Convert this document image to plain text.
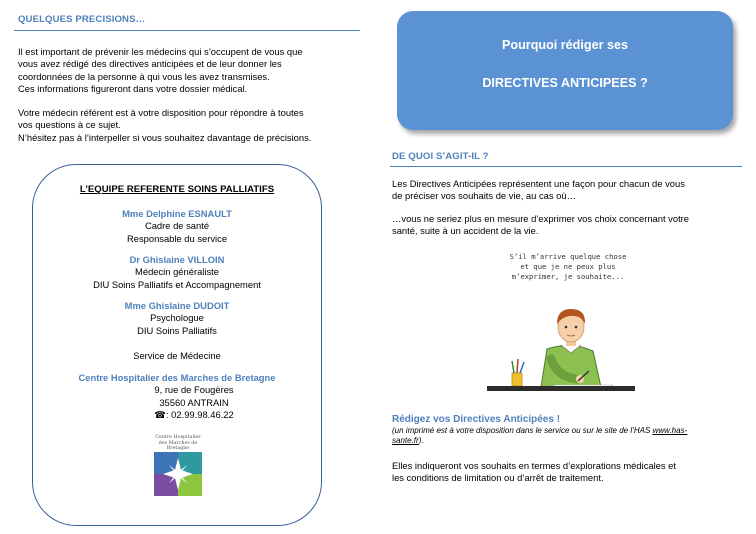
QUELQUES PRECISIONS…
Il est important de prévenir les médecins qui s’occupent de vous que
vous avez rédigé des directives anticipées et de leur donner les
coordonnées de la personne à qui vous les avez transmises.
Ces informations figureront dans votre dossier médical.
Votre médecin référent est à votre disposition pour répondre à toutes
vos questions à ce sujet.
N’hésitez pas à l’interpeller si vous souhaitez davantage de précisions.
L’EQUIPE REFERENTE SOINS PALLIATIFS
Mme Delphine ESNAULT
Cadre de santé
Responsable du service
Dr Ghislaine VILLOIN
Médecin généraliste
DIU Soins Palliatifs et Accompagnement
Mme Ghislaine DUDOIT
Psychologue
DIU Soins Palliatifs
Service de Médecine
Centre Hospitalier des Marches de Bretagne
9, rue de Fougères
35560 ANTRAIN
☎: 02.99.98.46.22
Centre Hospitalier
des Marches de Bretagne
Pourquoi rédiger ses
DIRECTIVES ANTICIPEES ?
DE QUOI S’AGIT-IL ?
Les Directives Anticipées représentent une façon pour chacun de vous
de préciser vos souhaits de vie, au cas où…
…vous ne seriez plus en mesure d’exprimer vos choix concernant votre
santé, suite à un accident de la vie.
S’il m’arrive quelque chose
et que je ne peux plus
m’exprimer, je souhaite...
Rédigez vos Directives Anticipées !
(un imprimé est à votre disposition dans le service ou sur le site de l’HAS www.has-
sante.fr).
Elles indiqueront vos souhaits en termes d’explorations médicales et
les conditions de limitation ou d’arrêt de traitement.
